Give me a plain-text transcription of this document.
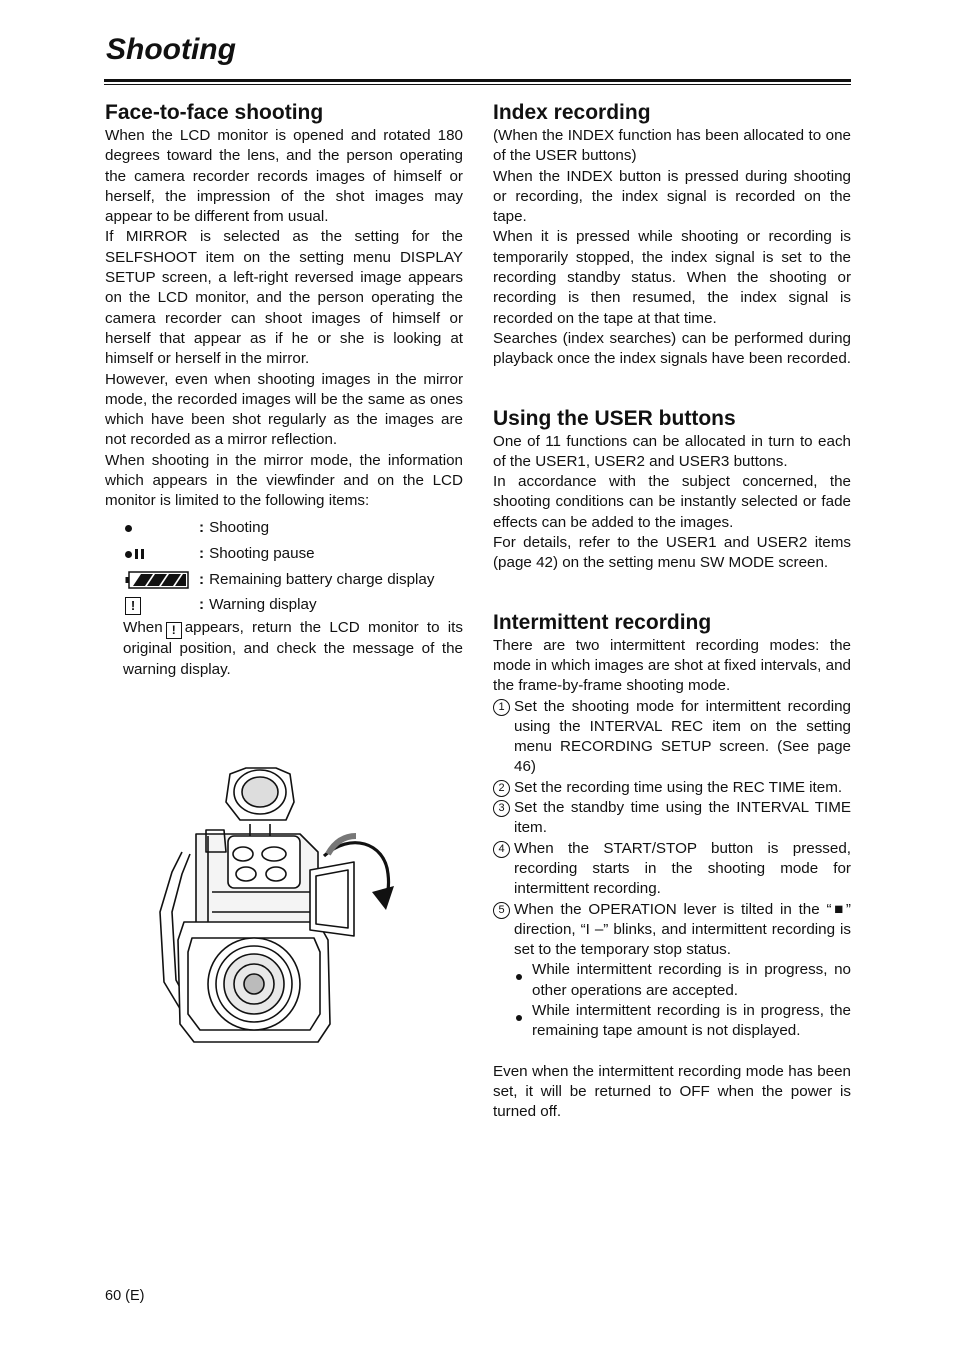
Shooting
Face-to-face shooting

When the LCD monitor is opened and rotated 180 degrees toward the lens, and the person operating the camera recorder records images of himself or herself, the impression of the shot images may appear to be different from usual.

If MIRROR is selected as the setting for the SELFSHOOT item on the setting menu DISPLAY SETUP screen, a left-right reversed image appears on the LCD monitor, and the person operating the camera recorder can shoot images of himself or herself that appear as if he or she is looking at himself or herself in the mirror.

However, even when shooting images in the mirror mode, the recorded images will be the same as ones which have been shot regularly as the images are not recorded as a mirror reflection.

When shooting in the mirror mode, the information which appears in the viewfinder and on the LCD monitor is limited to the following items:

: Shooting
: Shooting pause
: Remaining battery charge display
!	: Warning display

When ! appears, return the LCD monitor to its original position, and check the message of the warning display.

Index recording

(When the INDEX function has been allocated to one of the USER buttons)

When the INDEX button is pressed during shooting or recording, the index signal is recorded on the tape.

When it is pressed while shooting or recording is temporarily stopped, the index signal is set to the recording standby status. When the shooting or recording is then resumed, the index signal is recorded on the tape at that time.

Searches (index searches) can be performed during playback once the index signals have been recorded.

Using the USER buttons

One of 11 functions can be allocated in turn to each of the USER1, USER2 and USER3 buttons.

In accordance with the subject concerned, the shooting conditions can be instantly selected or fade effects can be added to the images.

For details, refer to the USER1 and USER2 items (page 42) on the setting menu SW MODE screen.

Intermittent recording

There are two intermittent recording modes: the mode in which images are shot at fixed intervals, and the frame-by-frame shooting mode.

1 Set the shooting mode for intermittent recording using the INTERVAL REC item on the setting menu RECORDING SETUP screen. (See page 46)
2 Set the recording time using the REC TIME item.
3 Set the standby time using the INTERVAL TIME item.
4 When the START/STOP button is pressed, recording starts in the shooting mode for intermittent recording.
5 When the OPERATION lever is tilted in the “■” direction, “I –” blinks, and intermittent recording is set to the temporary stop status.
While intermittent recording is in progress, no other operations are accepted.
While intermittent recording is in progress, the remaining tape amount is not displayed.

Even when the intermittent recording mode has been set, it will be returned to OFF when the power is turned off.

60 (E)
